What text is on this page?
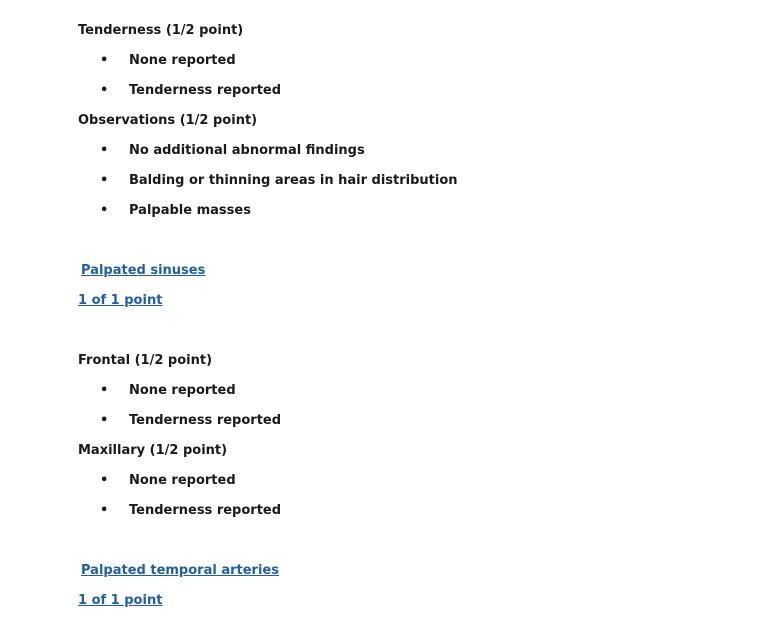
Tenderness (1/2 point)
• None reported
• Tenderness reported
Observations (1/2 point)
• No additional abnormal findings
• Balding or thinning areas in hair distribution
• Palpable masses
Palpated sinuses
1 of 1 point
Frontal (1/2 point)
• None reported
• Tenderness reported
Maxillary (1/2 point)
• None reported
• Tenderness reported
Palpated temporal arteries
1 of 1 point
